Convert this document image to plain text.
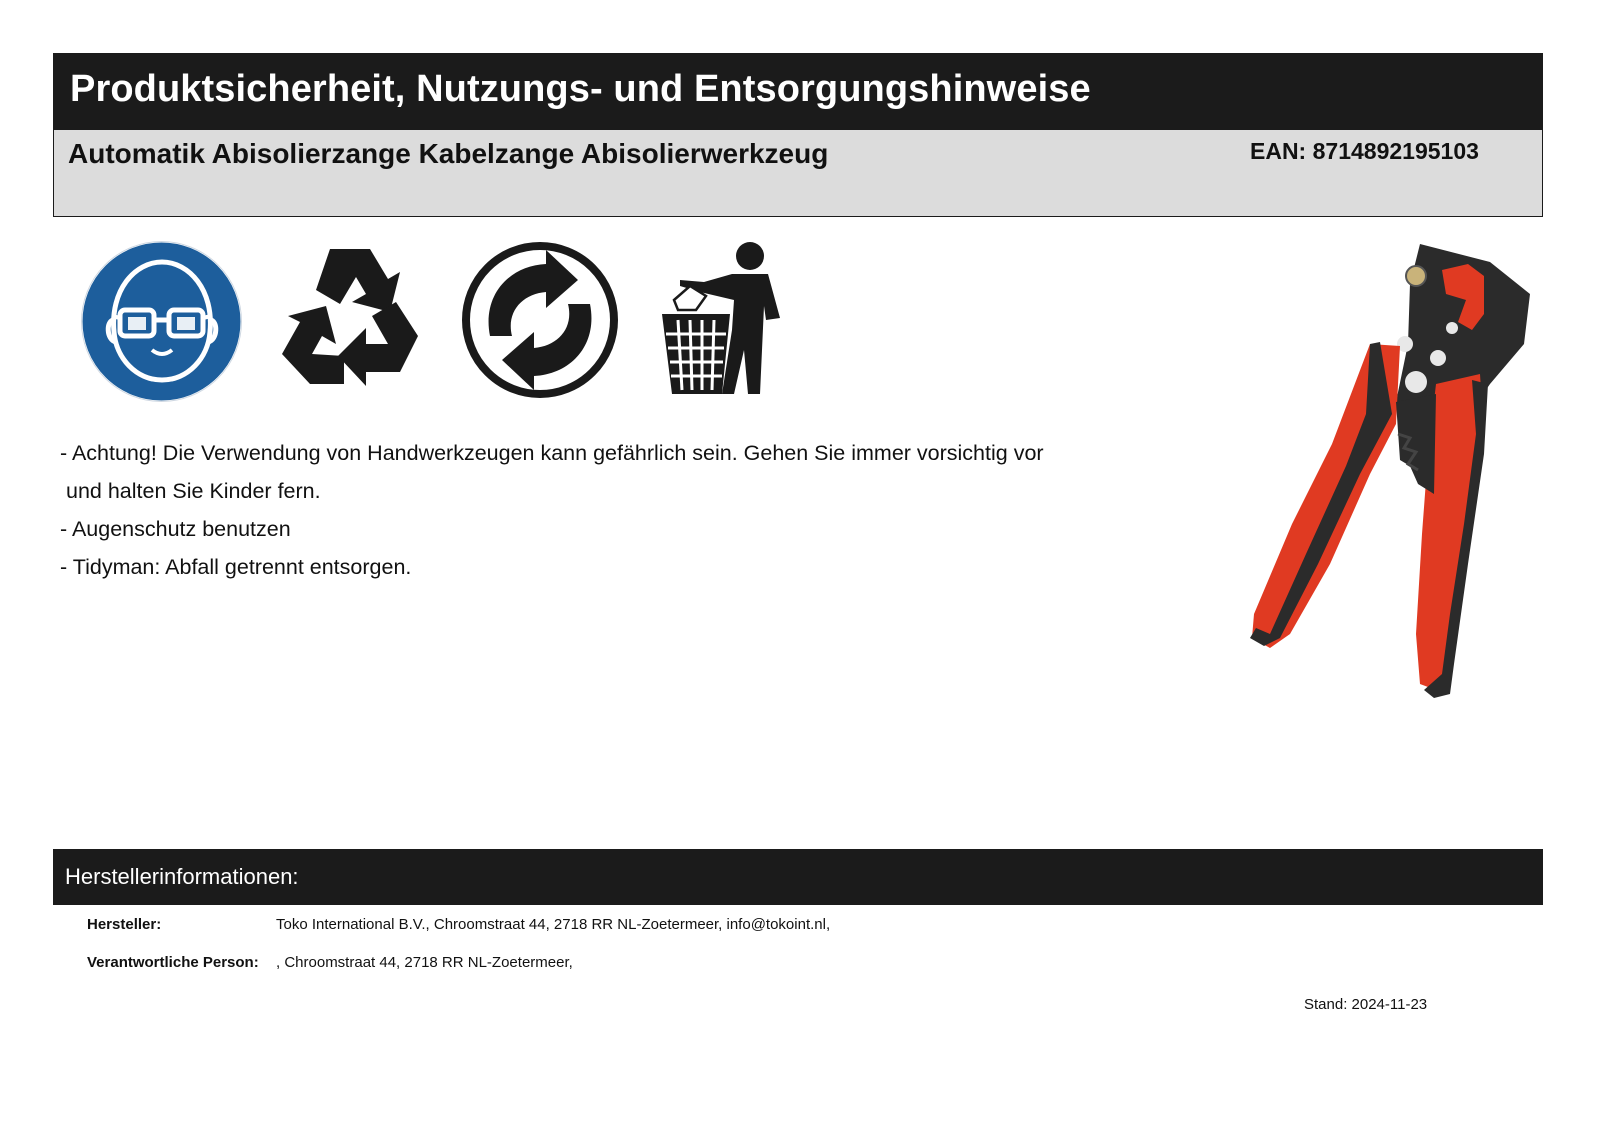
Produktsicherheit, Nutzungs- und Entsorgungshinweise
Automatik Abisolierzange Kabelzange Abisolierwerkzeug	EAN: 8714892195103
- Achtung! Die Verwendung von Handwerkzeugen kann gefährlich sein. Gehen Sie immer vorsichtig vor
und halten Sie Kinder fern.
- Augenschutz benutzen
- Tidyman: Abfall getrennt entsorgen.
Herstellerinformationen:
Hersteller:	Toko International B.V., Chroomstraat 44, 2718 RR NL-Zoetermeer, info@tokoint.nl,
Verantwortliche Person: , Chroomstraat 44, 2718 RR NL-Zoetermeer,
Stand: 2024-11-23
